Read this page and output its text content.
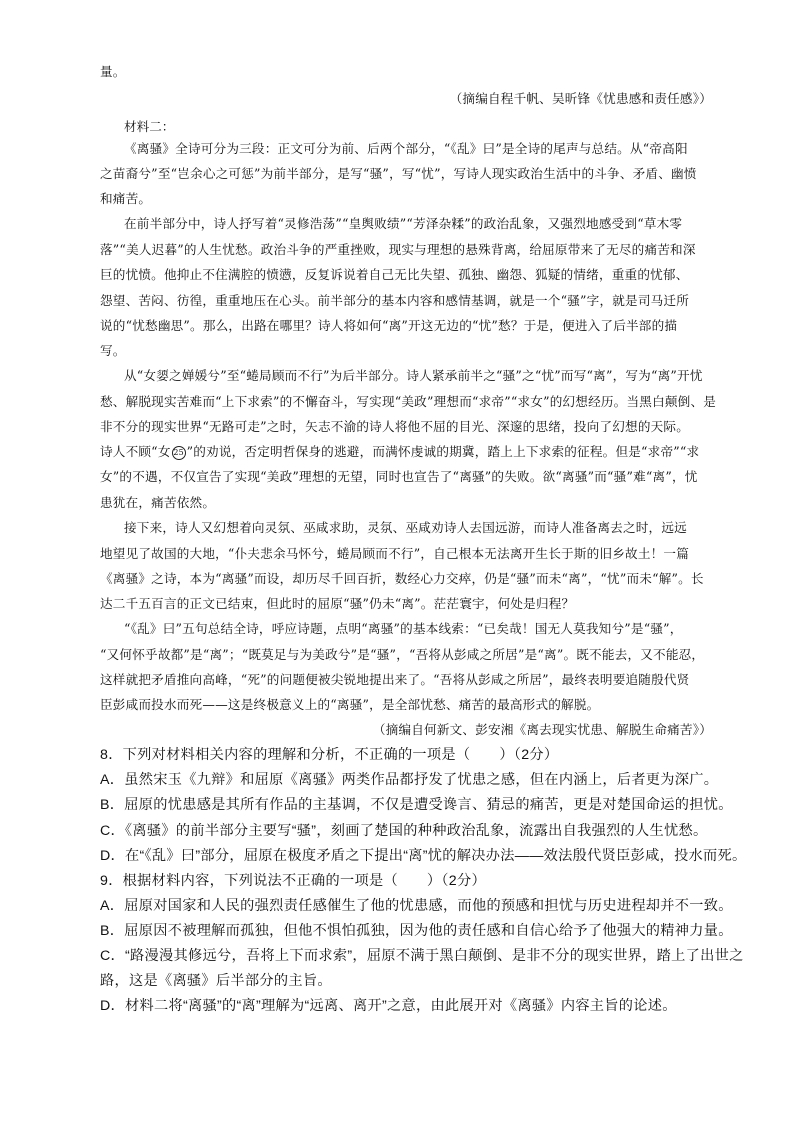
量。
（摘编自程千帆、吴昕锋《忧患感和责任感》）
材料二：
《离骚》全诗可分为三段：正文可分为前、后两个部分，“《乱》曰”是全诗的尾声与总结。从“帝高阳
之苗裔兮”至“岂余心之可惩”为前半部分，是写“骚”，写“忧”，写诗人现实政治生活中的斗争、矛盾、幽愤
和痛苦。
在前半部分中，诗人抒写着“灵修浩荡”“皇舆败绩”“芳泽杂糅”的政治乱象，又强烈地感受到“草木零
落”“美人迟暮”的人生忧愁。政治斗争的严重挫败，现实与理想的悬殊背离，给屈原带来了无尽的痛苦和深
巨的忧愤。他抑止不住满腔的愤懑，反复诉说着自己无比失望、孤独、幽怨、狐疑的情绪，重重的忧郁、
怨望、苦闷、彷徨，重重地压在心头。前半部分的基本内容和感情基调，就是一个“骚”字，就是司马迁所
说的“忧愁幽思”。那么，出路在哪里？诗人将如何“离”开这无边的“忧”愁？于是，便进入了后半部的描
写。
从“女媭之婵媛兮”至“蜷局顾而不行”为后半部分。诗人紧承前半之“骚”之“忧”而写“离”，写为“离”开忧
愁、解脱现实苦难而“上下求索”的不懈奋斗，写实现“美政”理想而“求帝”“求女”的幻想经历。当黑白颠倒、是
非不分的现实世界“无路可走”之时，矢志不渝的诗人将他不屈的目光、深邃的思绪，投向了幻想的天际。
诗人不顾“女 25 ”的劝说，否定明哲保身的逃避，而满怀虔诚的期冀，踏上上下求索的征程。但是“求帝”“求
女”的不遇，不仅宣告了实现“美政”理想的无望，同时也宣告了“离骚”的失败。欲“离骚”而“骚”难“离”，忧
患犹在，痛苦依然。
接下来，诗人又幻想着向灵氛、巫咸求助，灵氛、巫咸劝诗人去国远游，而诗人准备离去之时，远远
地望见了故国的大地，“仆夫悲余马怀兮，蜷局顾而不行”，自己根本无法离开生长于斯的旧乡故土！一篇
《离骚》之诗，本为“离骚”而设，却历尽千回百折，数经心力交瘁，仍是“骚”而未“离”，“忧”而未“解”。长
达二千五百言的正文已结束，但此时的屈原“骚”仍未“离”。茫茫寰宇，何处是归程？
“《乱》曰”五句总结全诗，呼应诗题，点明“离骚”的基本线索：“已矣哉！国无人莫我知兮”是“骚”，
“又何怀乎故都”是“离”；“既莫足与为美政兮”是“骚”，“吾将从彭咸之所居”是“离”。既不能去，又不能忍，
这样就把矛盾推向高峰，“死”的问题便被尖锐地提出来了。“吾将从彭咸之所居”，最终表明要追随殷代贤
臣彭咸而投水而死——这是终极意义上的“离骚”，是全部忧愁、痛苦的最高形式的解脱。
（摘编自何新文、彭安湘《离去现实忧患、解脱生命痛苦》）
8．下列对材料相关内容的理解和分析，不正确的一项是（　　）（2分）
A．虽然宋玉《九辩》和屈原《离骚》两类作品都抒发了忧患之感，但在内涵上，后者更为深广。
B．屈原的忧患感是其所有作品的主基调，不仅是遭受谗言、猜忌的痛苦，更是对楚国命运的担忧。
C．《离骚》的前半部分主要写“骚”，刻画了楚国的种种政治乱象，流露出自我强烈的人生忧愁。
D．在“《乱》曰”部分，屈原在极度矛盾之下提出“离”忧的解决办法——效法殷代贤臣彭咸，投水而死。
9．根据材料内容，下列说法不正确的一项是（　　）（2分）
A．屈原对国家和人民的强烈责任感催生了他的忧患感，而他的预感和担忧与历史进程却并不一致。
B．屈原因不被理解而孤独，但他不惧怕孤独，因为他的责任感和自信心给予了他强大的精神力量。
C．“路漫漫其修远兮，吾将上下而求索”，屈原不满于黑白颠倒、是非不分的现实世界，踏上了出世之
路，这是《离骚》后半部分的主旨。
D．材料二将“离骚”的“离”理解为“远离、离开”之意，由此展开对《离骚》内容主旨的论述。
